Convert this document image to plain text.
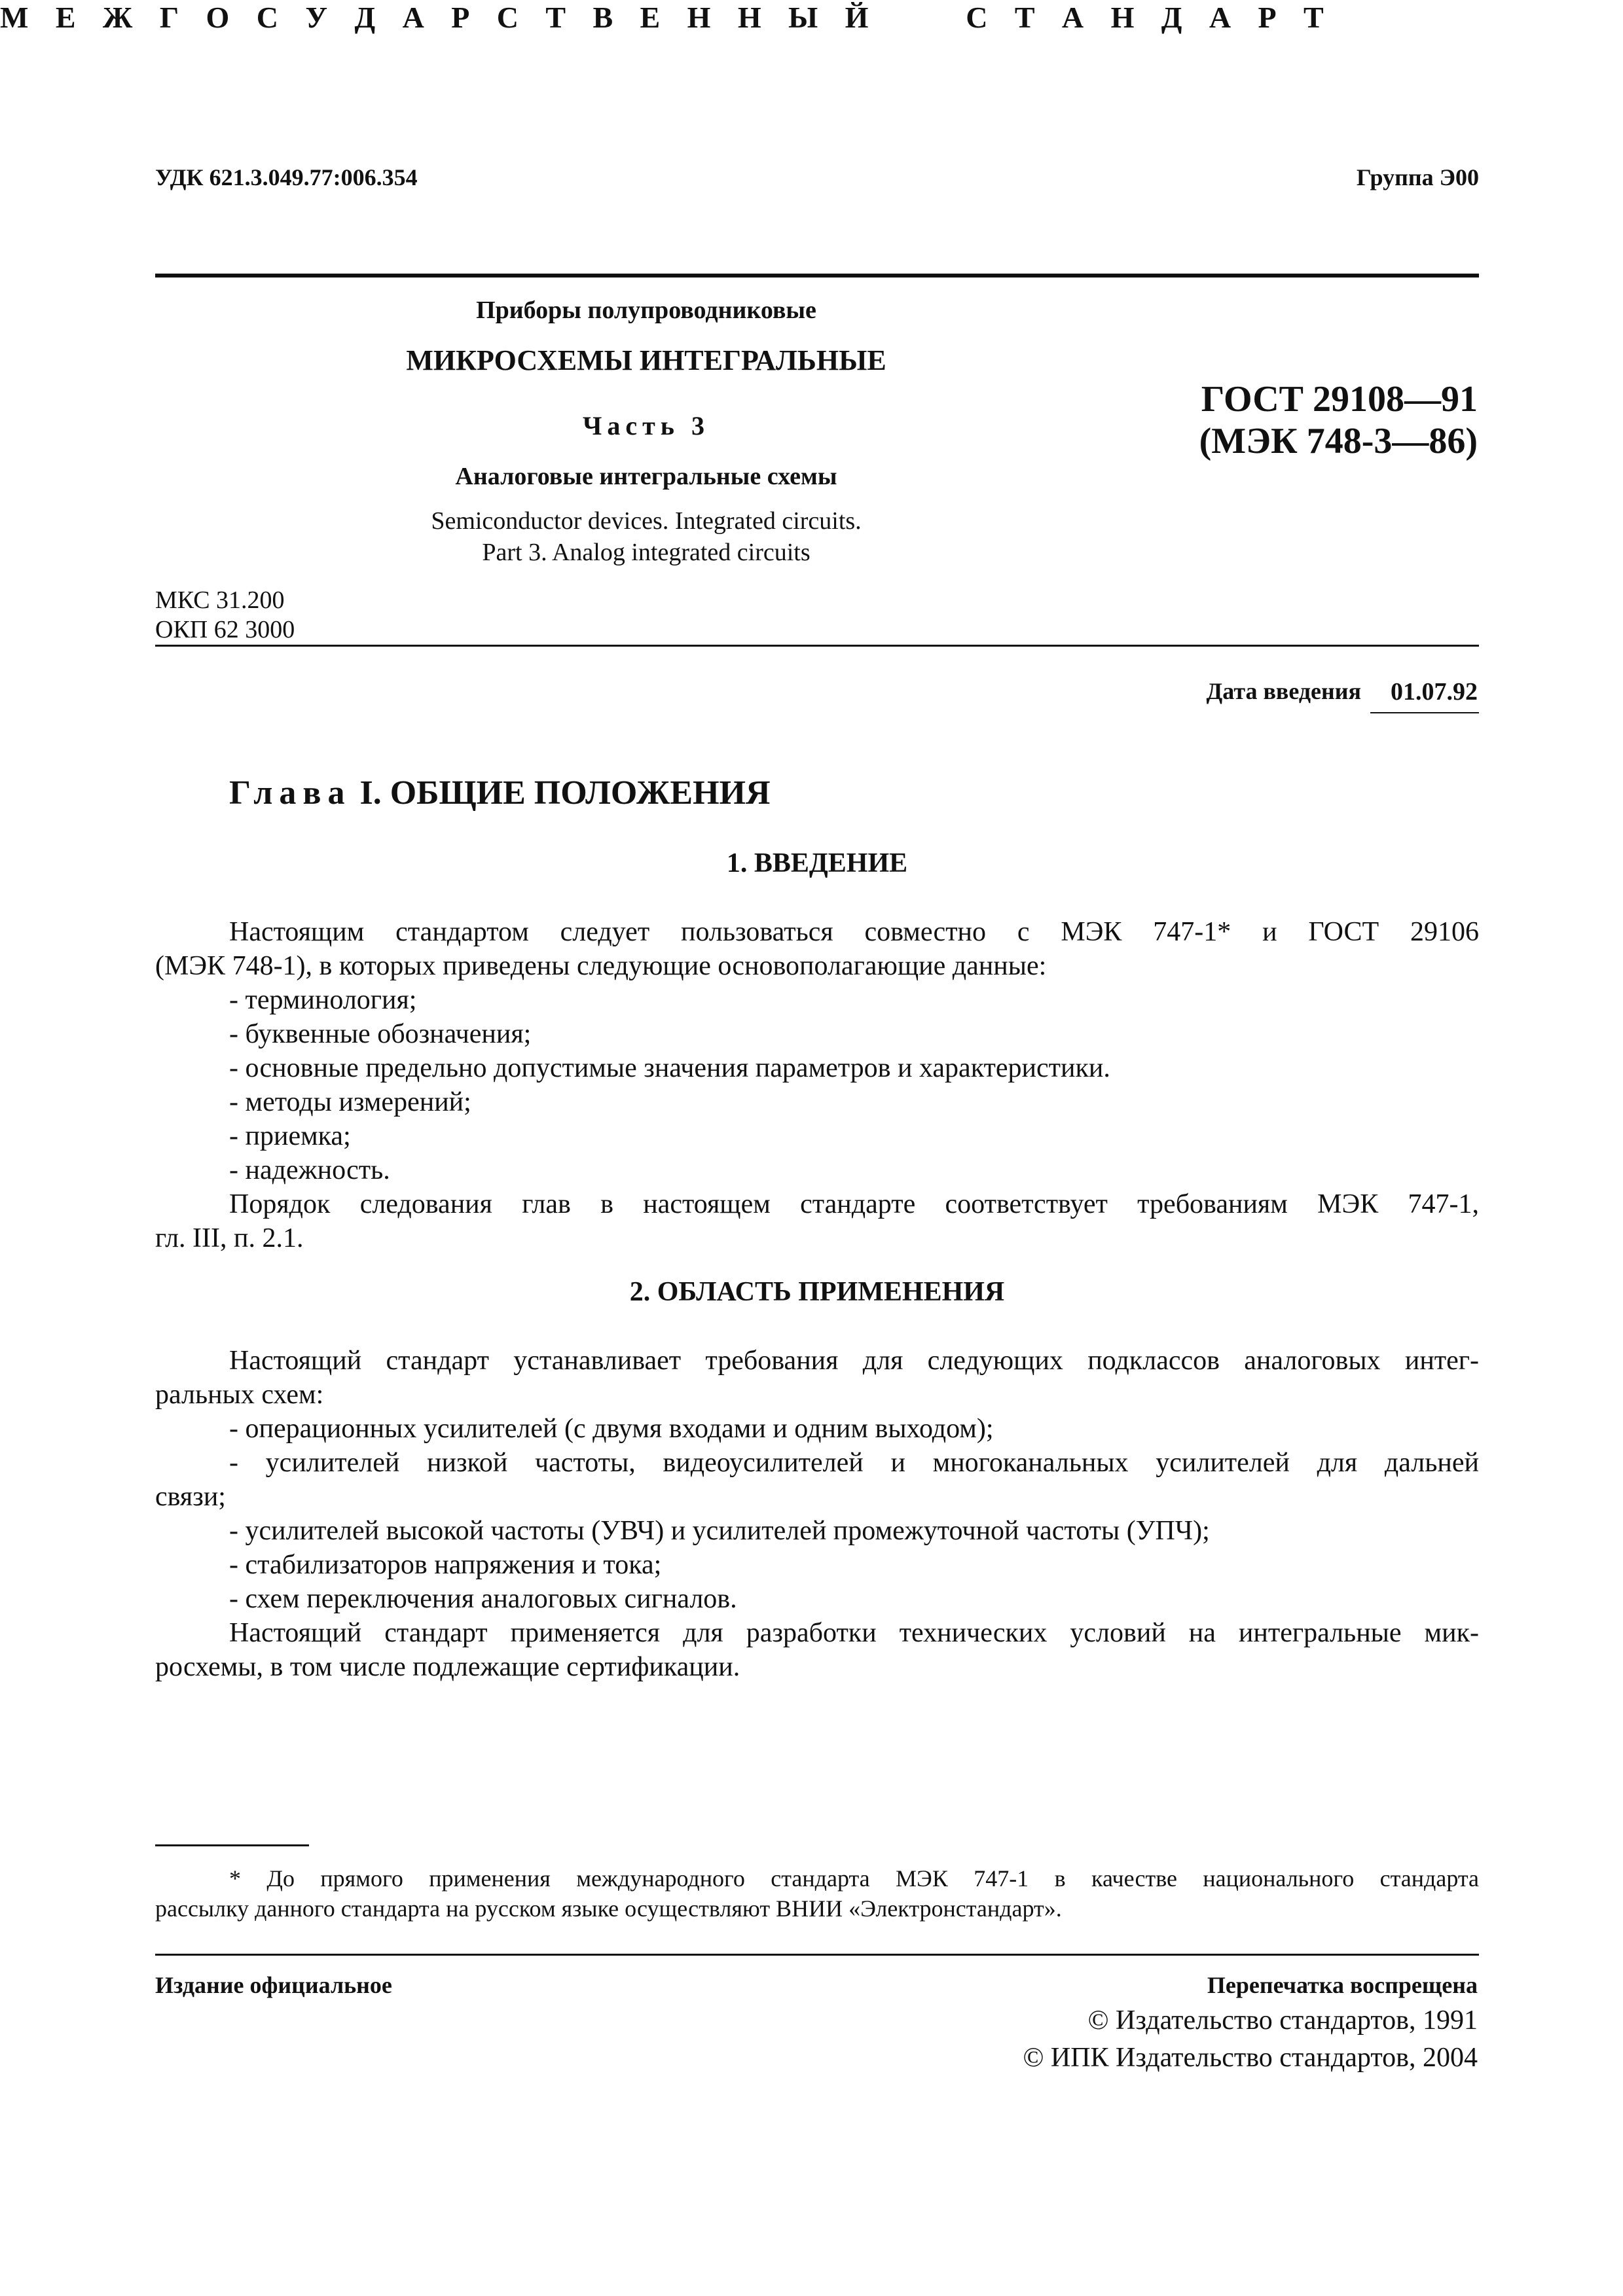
УДК 621.3.049.77:006.354	Группа Э00
М Е Ж Г О С У Д А Р С Т В Е Н Н Ы Й	С Т А Н Д А Р Т
Приборы полупроводниковые
МИКРОСХЕМЫ ИНТЕГРАЛЬНЫЕ
Часть 3
Аналоговые интегральные схемы
Semiconductor devices. Integrated circuits.
Part 3. Analog integrated circuits
ГОСТ 29108—91
(МЭК 748-3—86)
МКС 31.200
ОКП 62 3000
Дата введения 01.07.92
Глава I. ОБЩИЕ ПОЛОЖЕНИЯ
1. ВВЕДЕНИЕ
Настоящим стандартом следует пользоваться совместно с МЭК 747-1* и ГОСТ 29106
(МЭК 748-1), в которых приведены следующие основополагающие данные:
- терминология;
- буквенные обозначения;
- основные предельно допустимые значения параметров и характеристики.
- методы измерений;
- приемка;
- надежность.
Порядок следования глав в настоящем стандарте соответствует требованиям МЭК 747-1,
гл. III, п. 2.1.
2. ОБЛАСТЬ ПРИМЕНЕНИЯ
Настоящий стандарт устанавливает требования для следующих подклассов аналоговых интег-
ральных схем:
- операционных усилителей (с двумя входами и одним выходом);
- усилителей низкой частоты, видеоусилителей и многоканальных усилителей для дальней
связи;
- усилителей высокой частоты (УВЧ) и усилителей промежуточной частоты (УПЧ);
- стабилизаторов напряжения и тока;
- схем переключения аналоговых сигналов.
Настоящий стандарт применяется для разработки технических условий на интегральные мик-
росхемы, в том числе подлежащие сертификации.
* До прямого применения международного стандарта МЭК 747-1 в качестве национального стандарта
рассылку данного стандарта на русском языке осуществляют ВНИИ «Электронстандарт».
Издание официальное	Перепечатка воспрещена
© Издательство стандартов, 1991
© ИПК Издательство стандартов, 2004
